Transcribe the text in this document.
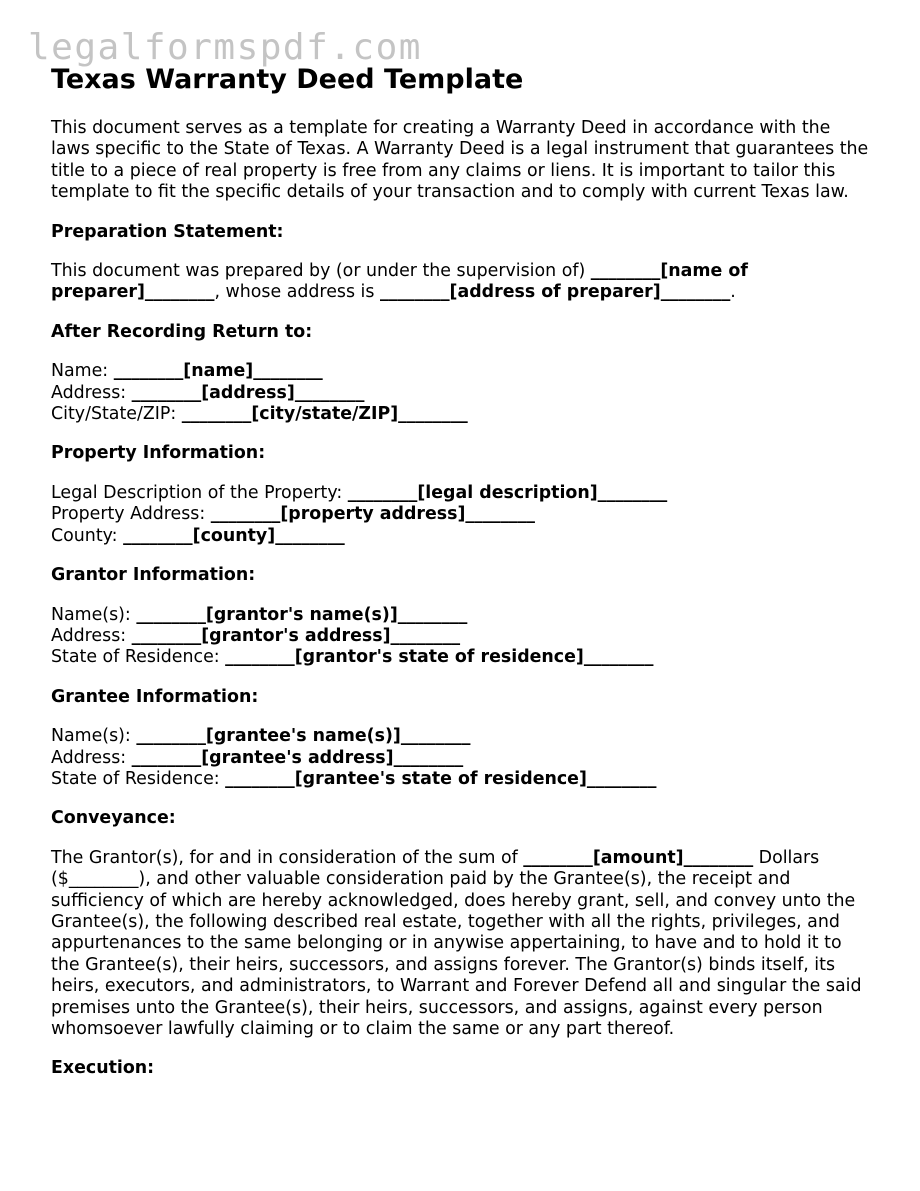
legalformspdf.com
Texas Warranty Deed Template

This document serves as a template for creating a Warranty Deed in accordance with the laws specific to the State of Texas. A Warranty Deed is a legal instrument that guarantees the title to a piece of real property is free from any claims or liens. It is important to tailor this template to fit the specific details of your transaction and to comply with current Texas law.

Preparation Statement:

This document was prepared by (or under the supervision of) ________[name of preparer]________, whose address is ________[address of preparer]________.

After Recording Return to:
Name: ________[name]________
Address: ________[address]________
City/State/ZIP: ________[city/state/ZIP]________
Property Information:
Legal Description of the Property: ________[legal description]________
Property Address: ________[property address]________
County: ________[county]________
Grantor Information:
Name(s): ________[grantor's name(s)]________
Address: ________[grantor's address]________
State of Residence: ________[grantor's state of residence]________
Grantee Information:
Name(s): ________[grantee's name(s)]________
Address: ________[grantee's address]________
State of Residence: ________[grantee's state of residence]________
Conveyance:

The Grantor(s), for and in consideration of the sum of ________[amount]________ Dollars ($________), and other valuable consideration paid by the Grantee(s), the receipt and sufficiency of which are hereby acknowledged, does hereby grant, sell, and convey unto the Grantee(s), the following described real estate, together with all the rights, privileges, and appurtenances to the same belonging or in anywise appertaining, to have and to hold it to the Grantee(s), their heirs, successors, and assigns forever. The Grantor(s) binds itself, its heirs, executors, and administrators, to Warrant and Forever Defend all and singular the said premises unto the Grantee(s), their heirs, successors, and assigns, against every person whomsoever lawfully claiming or to claim the same or any part thereof.

Execution:
